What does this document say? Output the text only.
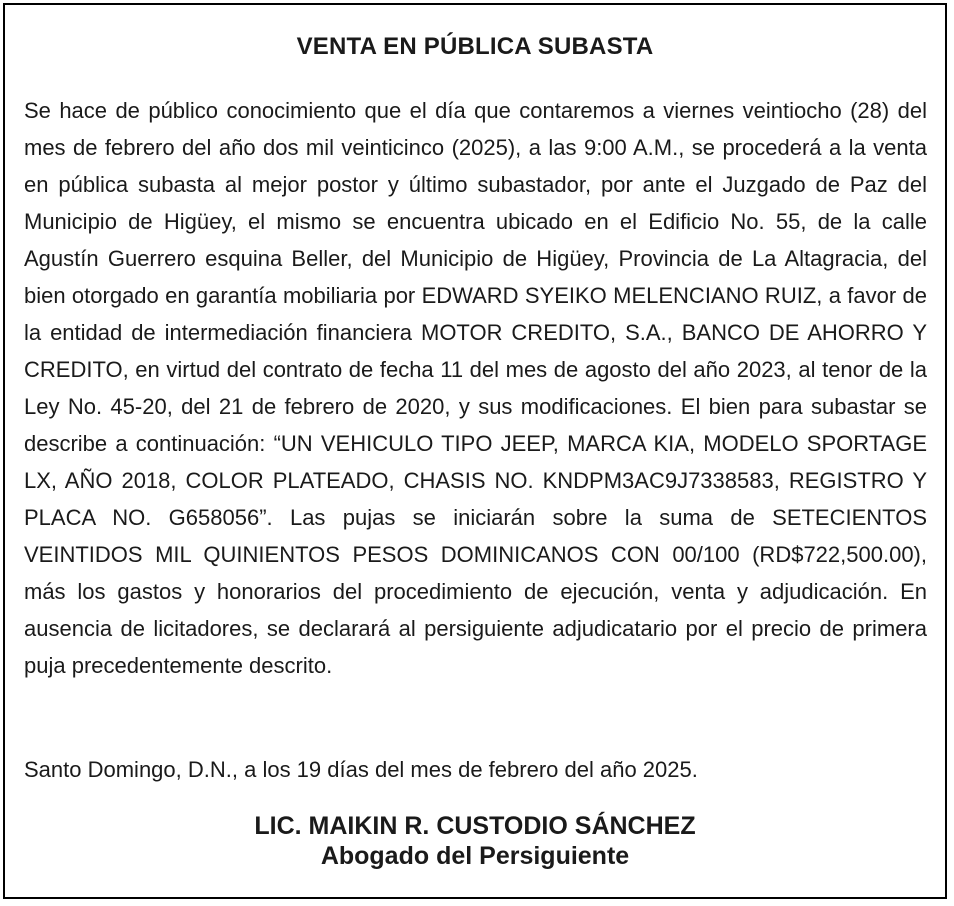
VENTA EN PÚBLICA SUBASTA

Se hace de público conocimiento que el día que contaremos a viernes veintiocho (28) del mes de febrero del año dos mil veinticinco (2025), a las 9:00 A.M., se procederá a la venta en pública subasta al mejor postor y último subastador, por ante el Juzgado de Paz del Municipio de Higüey, el mismo se encuentra ubicado en el Edificio No. 55, de la calle Agustín Guerrero esquina Beller, del Municipio de Higüey, Provincia de La Altagracia, del bien otorgado en garantía mobiliaria por EDWARD SYEIKO MELENCIANO RUIZ, a favor de la entidad de intermediación financiera MOTOR CREDITO, S.A., BANCO DE AHORRO Y CREDITO, en virtud del contrato de fecha 11 del mes de agosto del año 2023, al tenor de la Ley No. 45-20, del 21 de febrero de 2020, y sus modificaciones. El bien para subastar se describe a continuación: “UN VEHICULO TIPO JEEP, MARCA KIA, MODELO SPORTAGE LX, AÑO 2018, COLOR PLATEADO, CHASIS NO. KNDPM3AC9J7338583, REGISTRO Y PLACA NO. G658056”. Las pujas se iniciarán sobre la suma de SETECIENTOS VEINTIDOS MIL QUINIENTOS PESOS DOMINICANOS CON 00/100 (RD$722,500.00), más los gastos y honorarios del procedimiento de ejecución, venta y adjudicación. En ausencia de licitadores, se declarará al persiguiente adjudicatario por el precio de primera puja precedentemente descrito.

Santo Domingo, D.N., a los 19 días del mes de febrero del año 2025.

LIC. MAIKIN R. CUSTODIO SÁNCHEZ
Abogado del Persiguiente
